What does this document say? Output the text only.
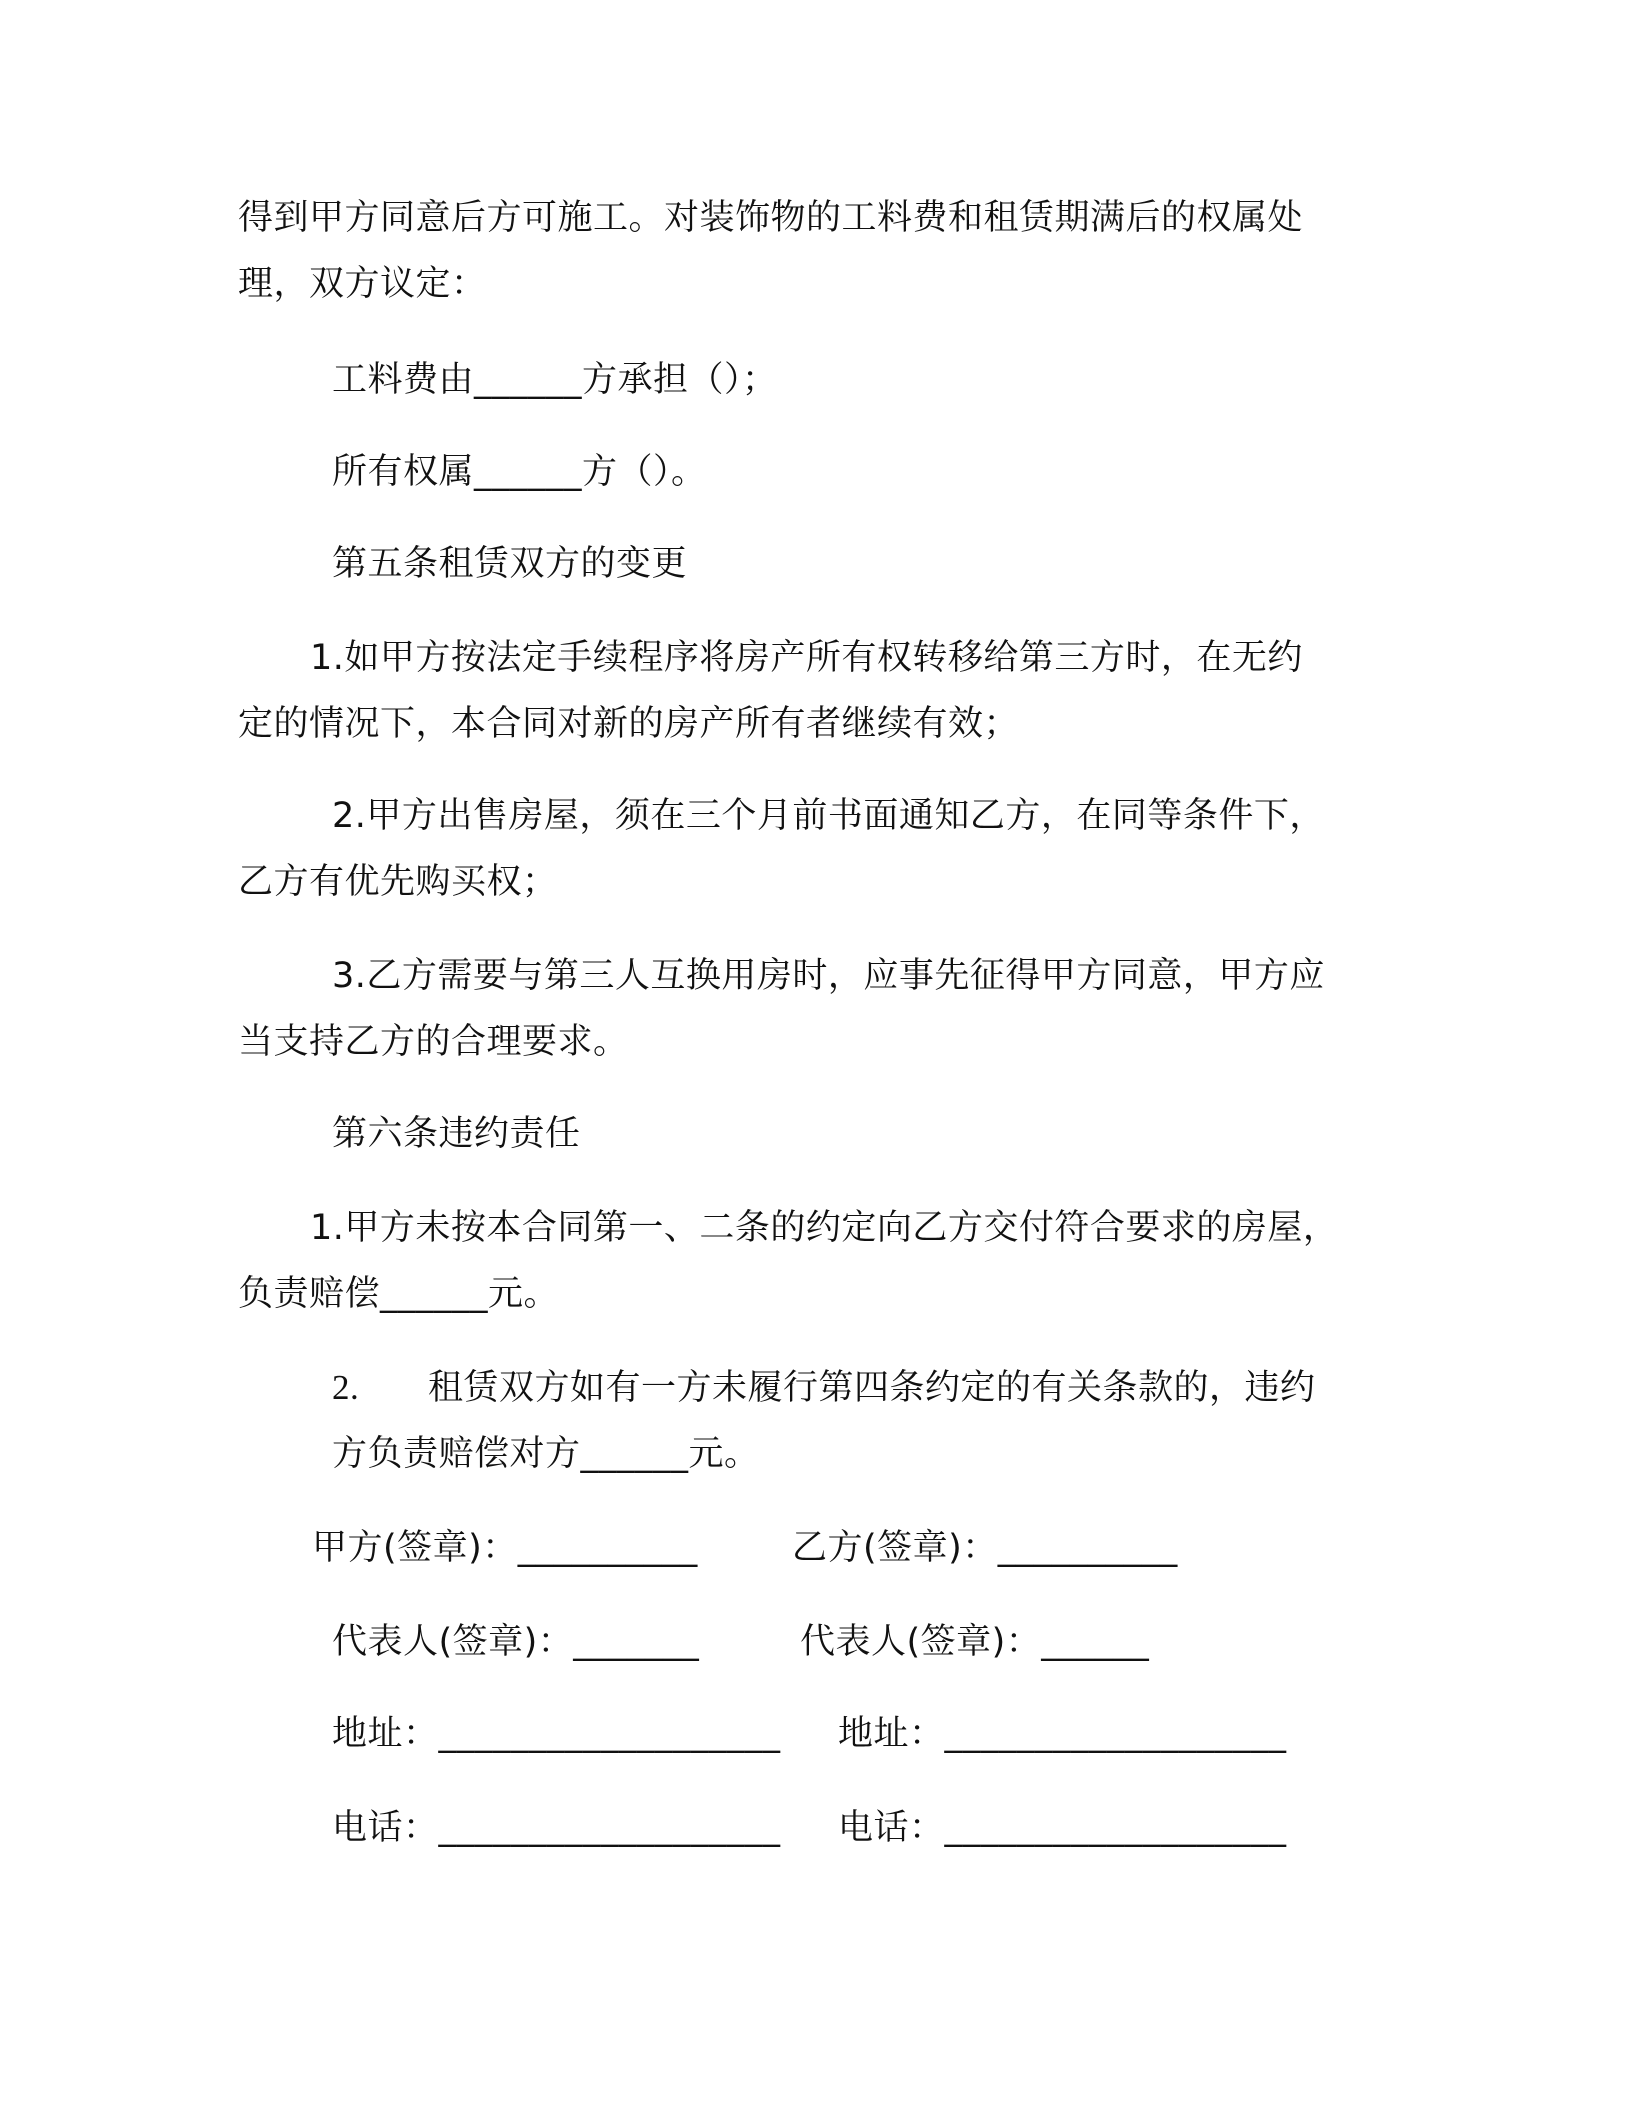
得到甲方同意后方可施工。对装饰物的工料费和租赁期满后的权属处
理，双方议定：
工料费由______方承担（）；
所有权属______方（）。
第五条租赁双方的变更
1.如甲方按法定手续程序将房产所有权转移给第三方时，在无约
定的情况下，本合同对新的房产所有者继续有效；
2.甲方出售房屋，须在三个月前书面通知乙方，在同等条件下，
乙方有优先购买权；
3.乙方需要与第三人互换用房时，应事先征得甲方同意，甲方应
当支持乙方的合理要求。
第六条违约责任
1.甲方未按本合同第一、二条的约定向乙方交付符合要求的房屋，
负责赔偿______元。
2. 租赁双方如有一方未履行第四条约定的有关条款的，违约
方负责赔偿对方______元。
甲方(签章)：__________	乙方(签章)：__________
代表人(签章)：_______	代表人(签章)：______
地址：___________________ 地址：___________________
电话：___________________ 电话：___________________
